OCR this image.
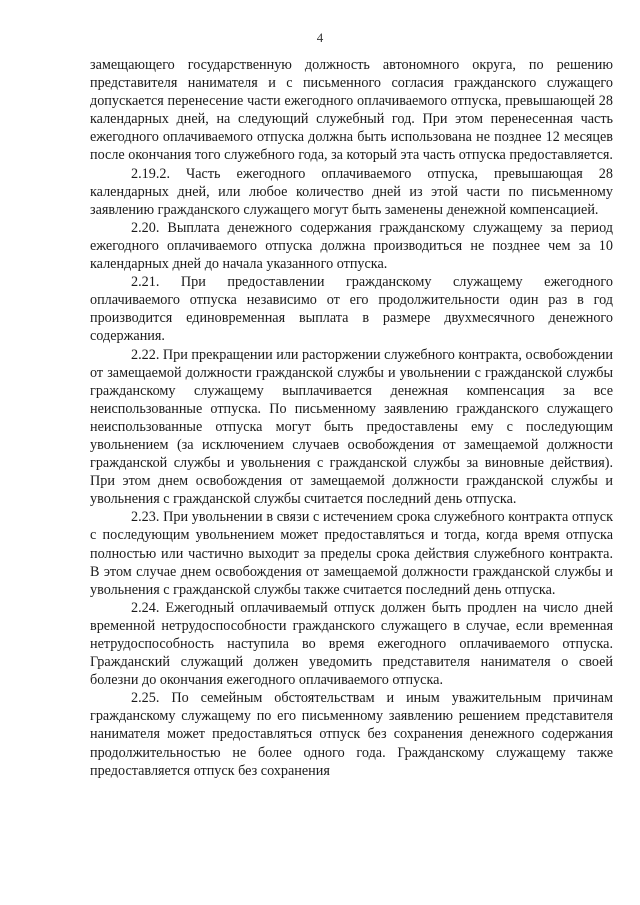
4

замещающего государственную должность автономного округа, по решению представителя нанимателя и с письменного согласия гражданского служащего допускается перенесение части ежегодного оплачиваемого отпуска, превышающей 28 календарных дней, на следующий служебный год. При этом перенесенная часть ежегодного оплачиваемого отпуска должна быть использована не позднее 12 месяцев после окончания того служебного года, за который эта часть отпуска предоставляется.

2.19.2. Часть ежегодного оплачиваемого отпуска, превышающая 28 календарных дней, или любое количество дней из этой части по письменному заявлению гражданского служащего могут быть заменены денежной компенсацией.

2.20. Выплата денежного содержания гражданскому служащему за период ежегодного оплачиваемого отпуска должна производиться не позднее чем за 10 календарных дней до начала указанного отпуска.

2.21. При предоставлении гражданскому служащему ежегодного оплачиваемого отпуска независимо от его продолжительности один раз в год производится единовременная выплата в размере двухмесячного денежного содержания.

2.22. При прекращении или расторжении служебного контракта, освобождении от замещаемой должности гражданской службы и увольнении с гражданской службы гражданскому служащему выплачивается денежная компенсация за все неиспользованные отпуска. По письменному заявлению гражданского служащего неиспользованные отпуска могут быть предоставлены ему с последующим увольнением (за исключением случаев освобождения от замещаемой должности гражданской службы и увольнения с гражданской службы за виновные действия). При этом днем освобождения от замещаемой должности гражданской службы и увольнения с гражданской службы считается последний день отпуска.

2.23. При увольнении в связи с истечением срока служебного контракта отпуск с последующим увольнением может предоставляться и тогда, когда время отпуска полностью или частично выходит за пределы срока действия служебного контракта. В этом случае днем освобождения от замещаемой должности гражданской службы и увольнения с гражданской службы также считается последний день отпуска.

2.24. Ежегодный оплачиваемый отпуск должен быть продлен на число дней временной нетрудоспособности гражданского служащего в случае, если временная нетрудоспособность наступила во время ежегодного оплачиваемого отпуска. Гражданский служащий должен уведомить представителя нанимателя о своей болезни до окончания ежегодного оплачиваемого отпуска.

2.25. По семейным обстоятельствам и иным уважительным причинам гражданскому служащему по его письменному заявлению решением представителя нанимателя может предоставляться отпуск без сохранения денежного содержания продолжительностью не более одного года. Гражданскому служащему также предоставляется отпуск без сохранения
